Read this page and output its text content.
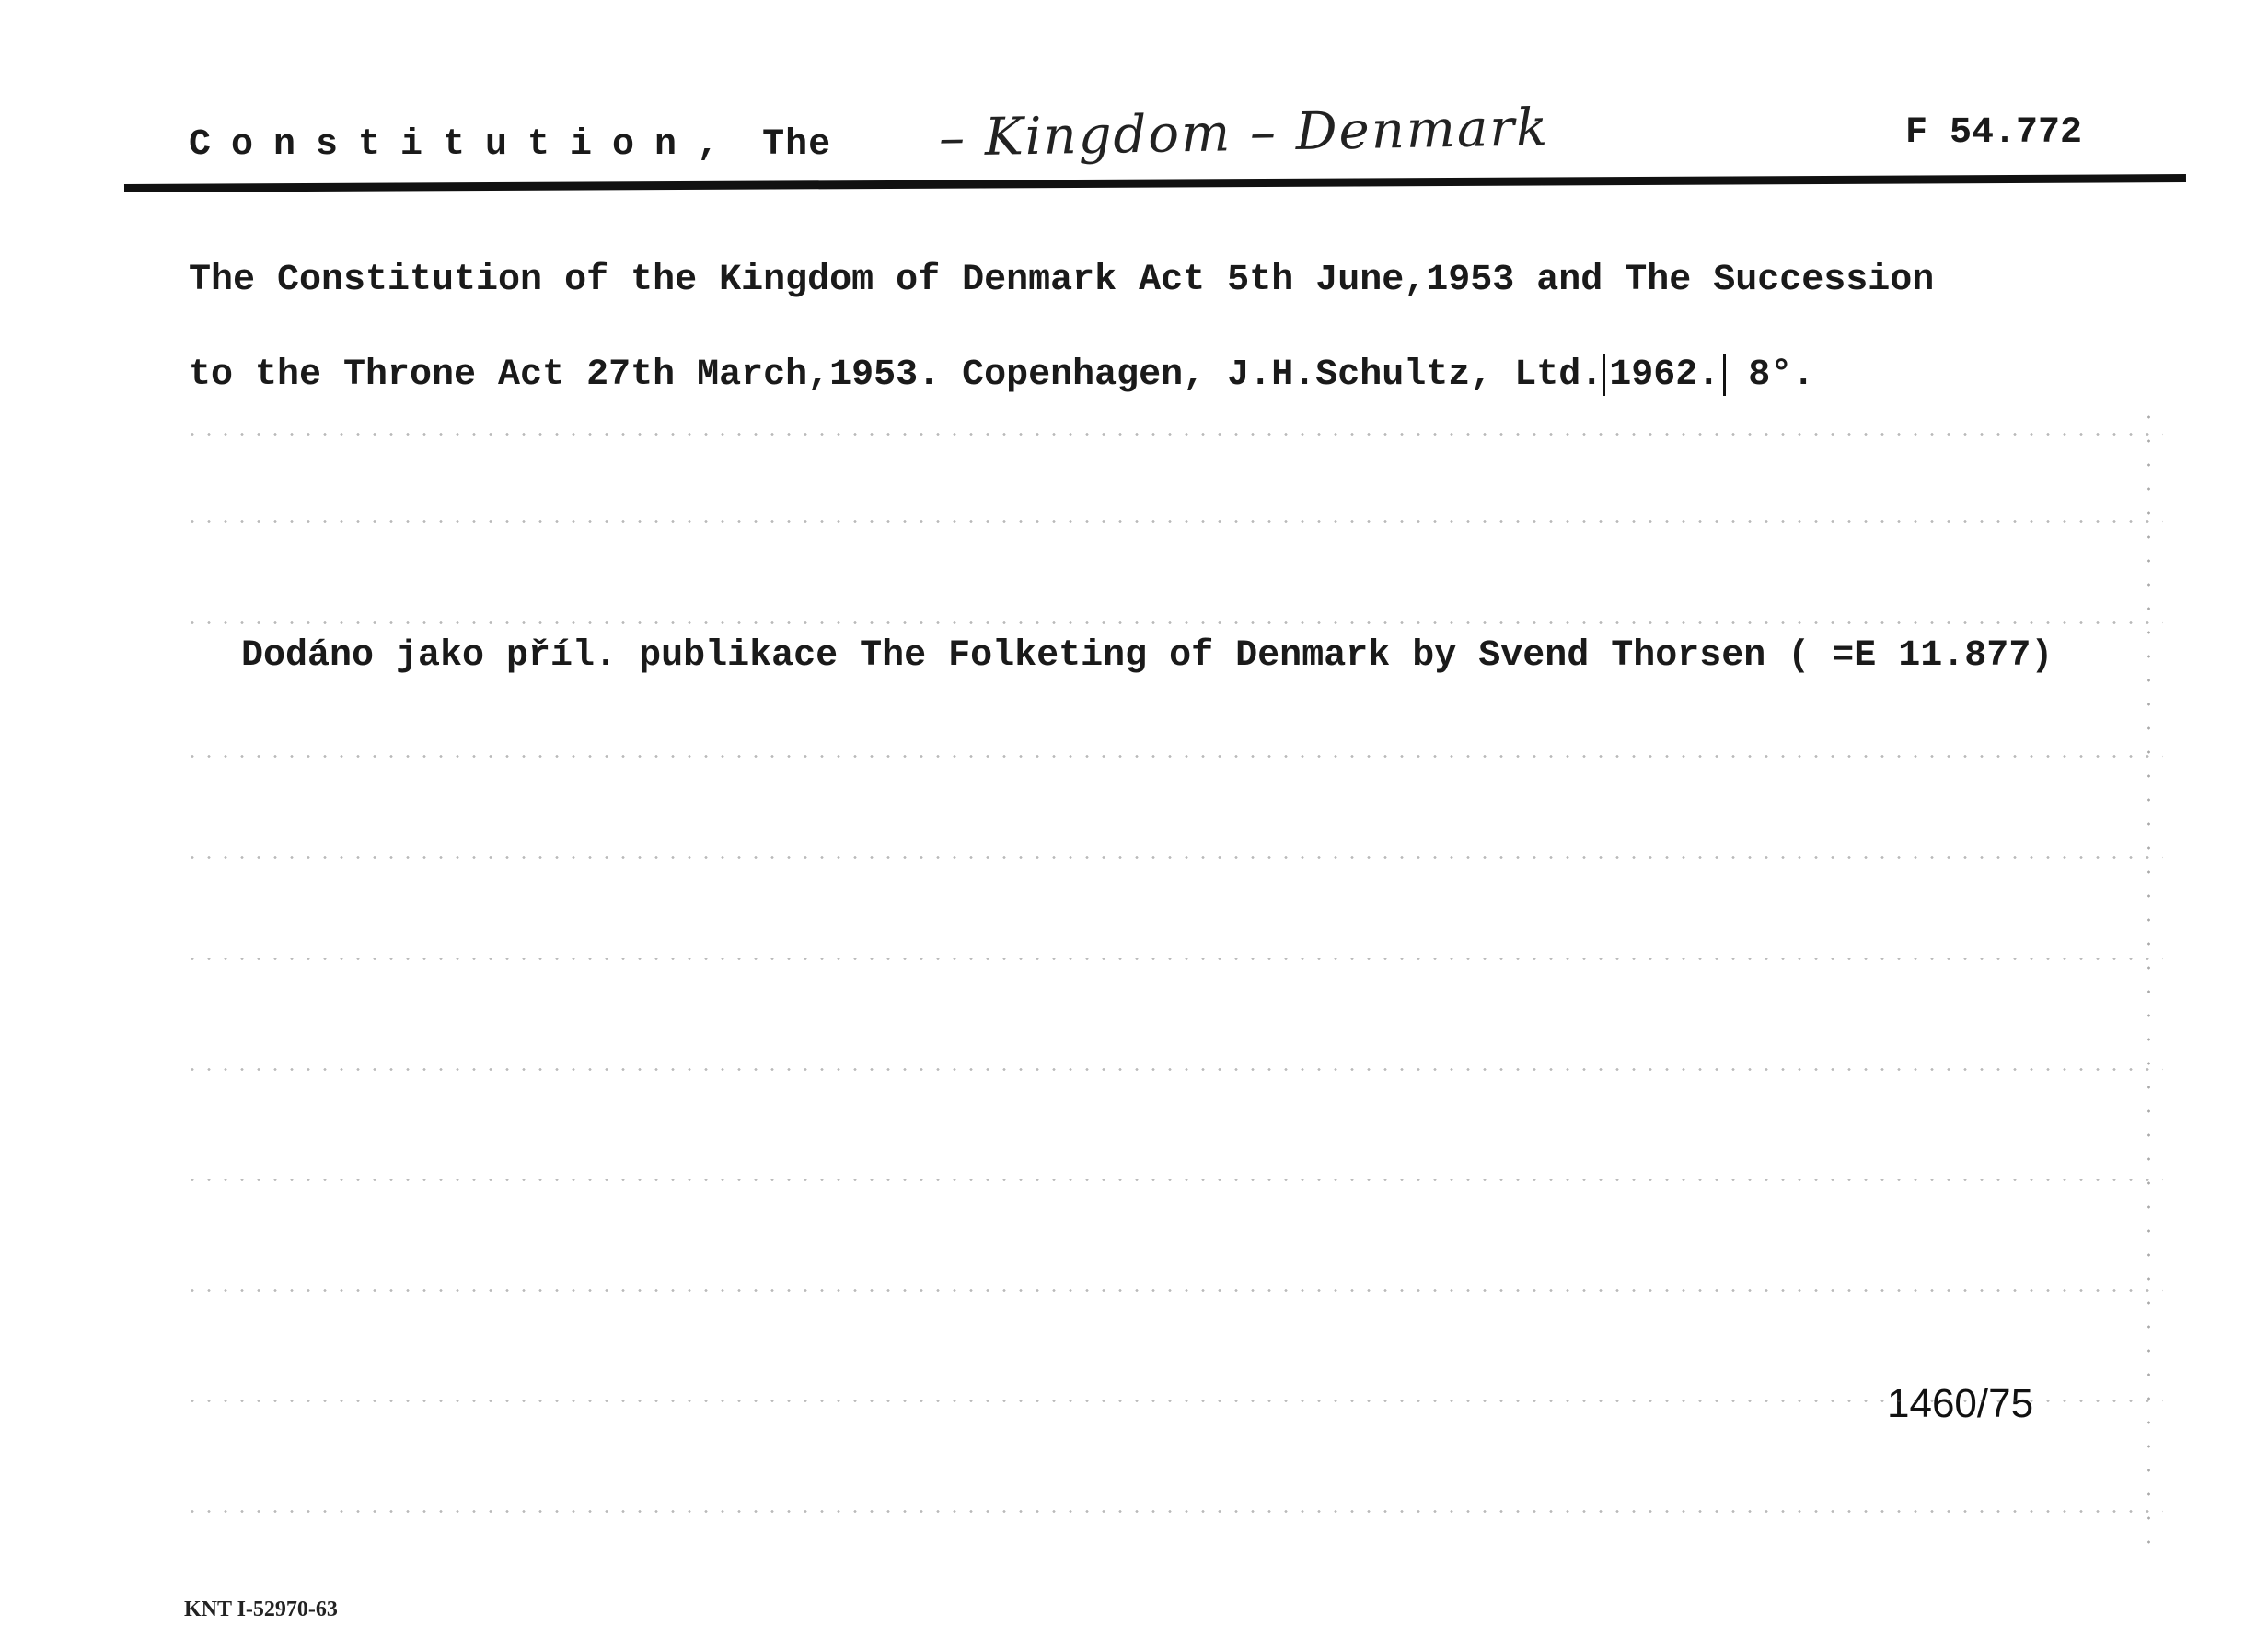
Constitution, The – Kingdom – Denmark	F 54.772
The Constitution of the Kingdom of Denmark Act 5th June,1953 and The Succession
to the Throne Act 27th March,1953. Copenhagen, J.H.Schultz, Ltd. 1962. 8°.
Dodáno jako příl. publikace The Folketing of Denmark by Svend Thorsen ( =E 11.877)
1460/75
KNT I-52970-63
